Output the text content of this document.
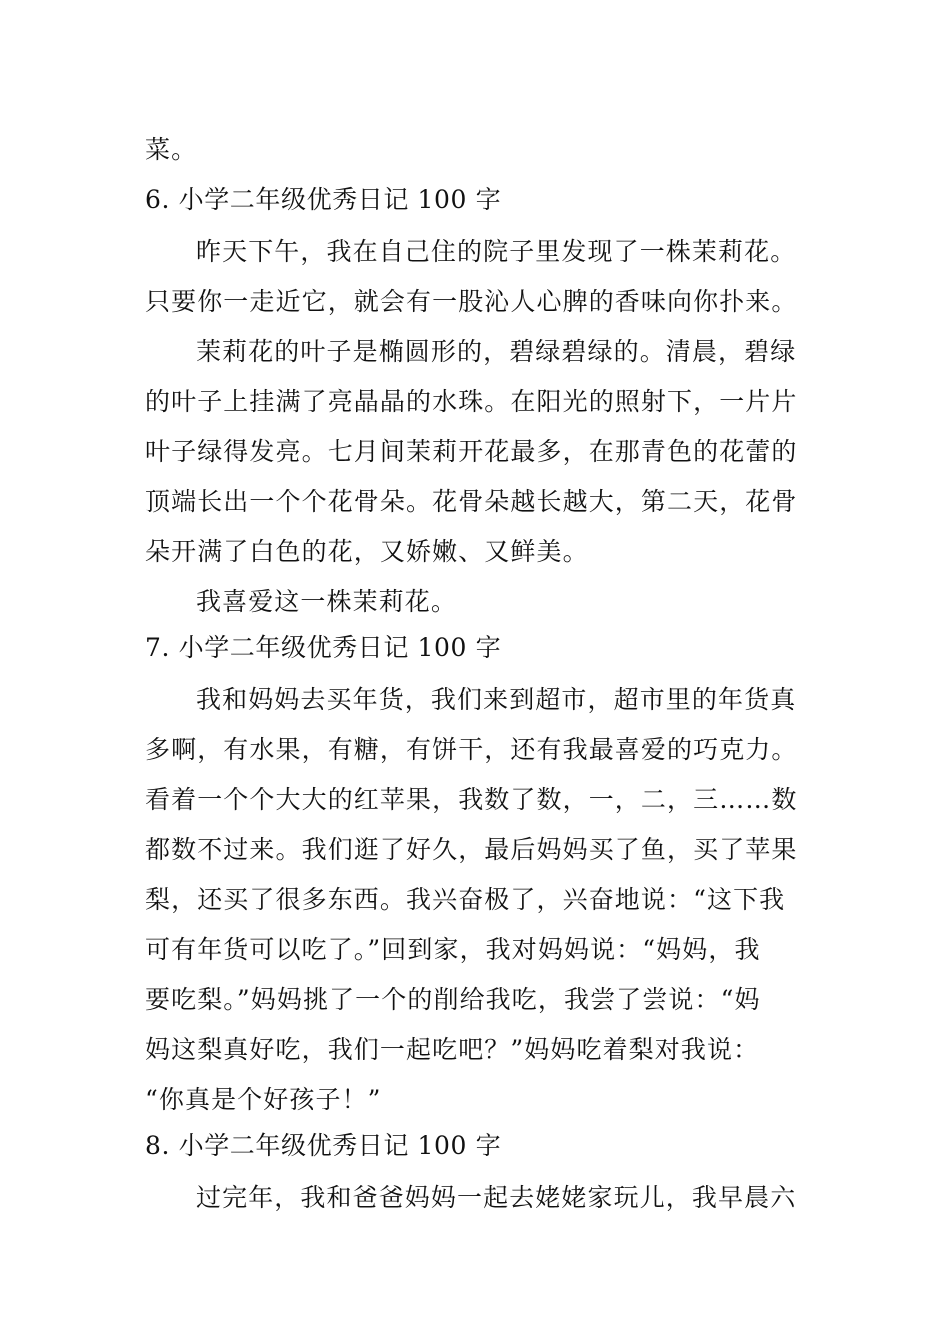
菜。
6. 小学二年级优秀日记 100 字
昨天下午，我在自己住的院子里发现了一株茉莉花。
只要你一走近它，就会有一股沁人心脾的香味向你扑来。
茉莉花的叶子是椭圆形的，碧绿碧绿的。清晨，碧绿
的叶子上挂满了亮晶晶的水珠。在阳光的照射下，一片片
叶子绿得发亮。七月间茉莉开花最多，在那青色的花蕾的
顶端长出一个个花骨朵。花骨朵越长越大，第二天，花骨
朵开满了白色的花，又娇嫩、又鲜美。
我喜爱这一株茉莉花。
7. 小学二年级优秀日记 100 字
我和妈妈去买年货，我们来到超市，超市里的年货真
多啊，有水果，有糖，有饼干，还有我最喜爱的巧克力。
看着一个个大大的红苹果，我数了数，一，二，三……数
都数不过来。我们逛了好久，最后妈妈买了鱼，买了苹果
梨，还买了很多东西。我兴奋极了，兴奋地说：“这下我
可有年货可以吃了。”回到家，我对妈妈说：“妈妈，我
要吃梨。”妈妈挑了一个的削给我吃，我尝了尝说：“妈
妈这梨真好吃，我们一起吃吧？”妈妈吃着梨对我说：
“你真是个好孩子！”
8. 小学二年级优秀日记 100 字
过完年，我和爸爸妈妈一起去姥姥家玩儿，我早晨六
